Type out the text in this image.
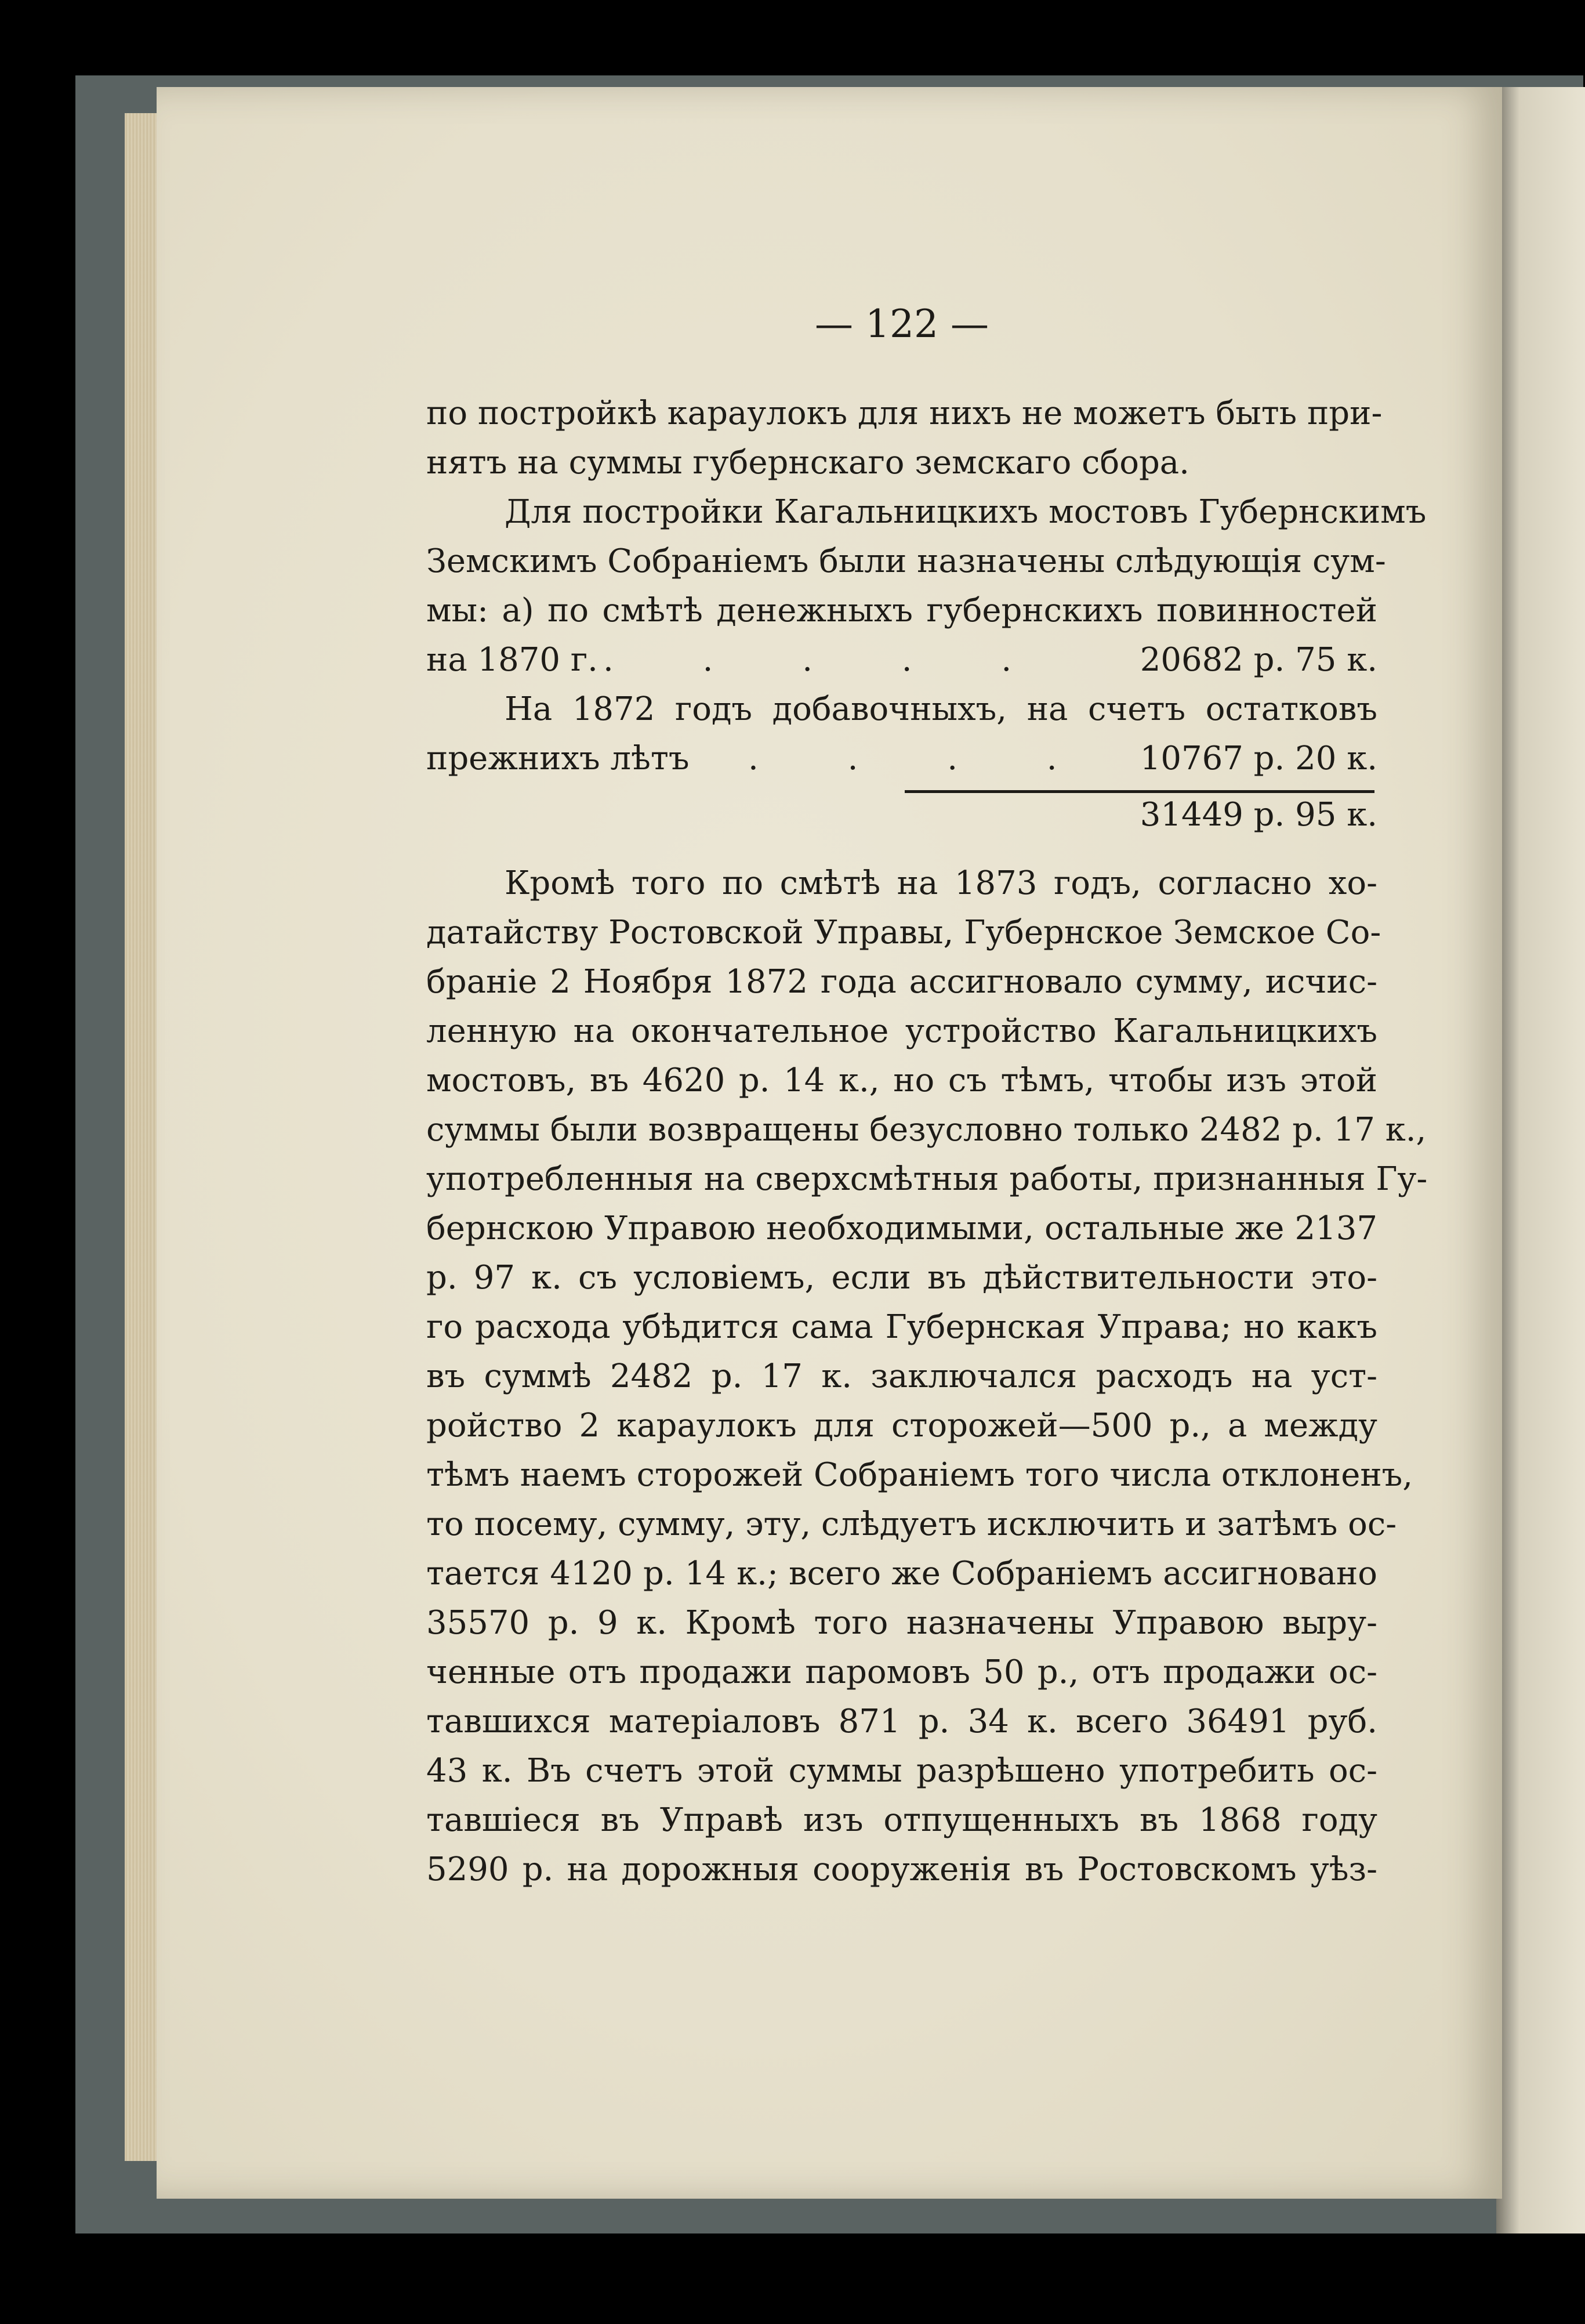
— 122 —

по постройкѣ караулокъ для нихъ не можетъ быть при-

нятъ на суммы губернскаго земскаго сбора.

Для постройки Кагальницкихъ мостовъ Губернскимъ

Земскимъ Собраніемъ были назначены слѣдующія сум-

мы: а) по смѣтѣ денежныхъ губернскихъ повинностей

на 1870 г. . . . . .	20682 р. 75 к.

На 1872 годъ добавочныхъ, на счетъ остатковъ

прежнихъ лѣтъ	. . . . 10767 р. 20 к.
31449 р. 95 к.

Кромѣ того по смѣтѣ на 1873 годъ, согласно хо-

датайству Ростовской Управы, Губернское Земское Со-

браніе 2 Ноября 1872 года ассигновало сумму, исчис-

ленную на окончательное устройство Кагальницкихъ

мостовъ, въ 4620 р. 14 к., но съ тѣмъ, чтобы изъ этой

суммы были возвращены безусловно только 2482 р. 17 к.,

употребленныя на сверхсмѣтныя работы, признанныя Гу-

бернскою Управою необходимыми, остальные же 2137

р. 97 к. съ условіемъ, если въ дѣйствительности это-

го расхода убѣдится сама Губернская Управа; но какъ

въ суммѣ 2482 р. 17 к. заключался расходъ на уст-

ройство 2 караулокъ для сторожей—500 р., а между

тѣмъ наемъ сторожей Собраніемъ того числа отклоненъ,

то посему, сумму, эту, слѣдуетъ исключить и затѣмъ ос-

тается 4120 р. 14 к.; всего же Собраніемъ ассигновано

35570 р. 9 к. Кромѣ того назначены Управою выру-

ченные отъ продажи паромовъ 50 р., отъ продажи ос-

тавшихся матеріаловъ 871 р. 34 к. всего 36491 руб.

43 к. Въ счетъ этой суммы разрѣшено употребить ос-

тавшіеся въ Управѣ изъ отпущенныхъ въ 1868 году

5290 р. на дорожныя сооруженія въ Ростовскомъ уѣз-
